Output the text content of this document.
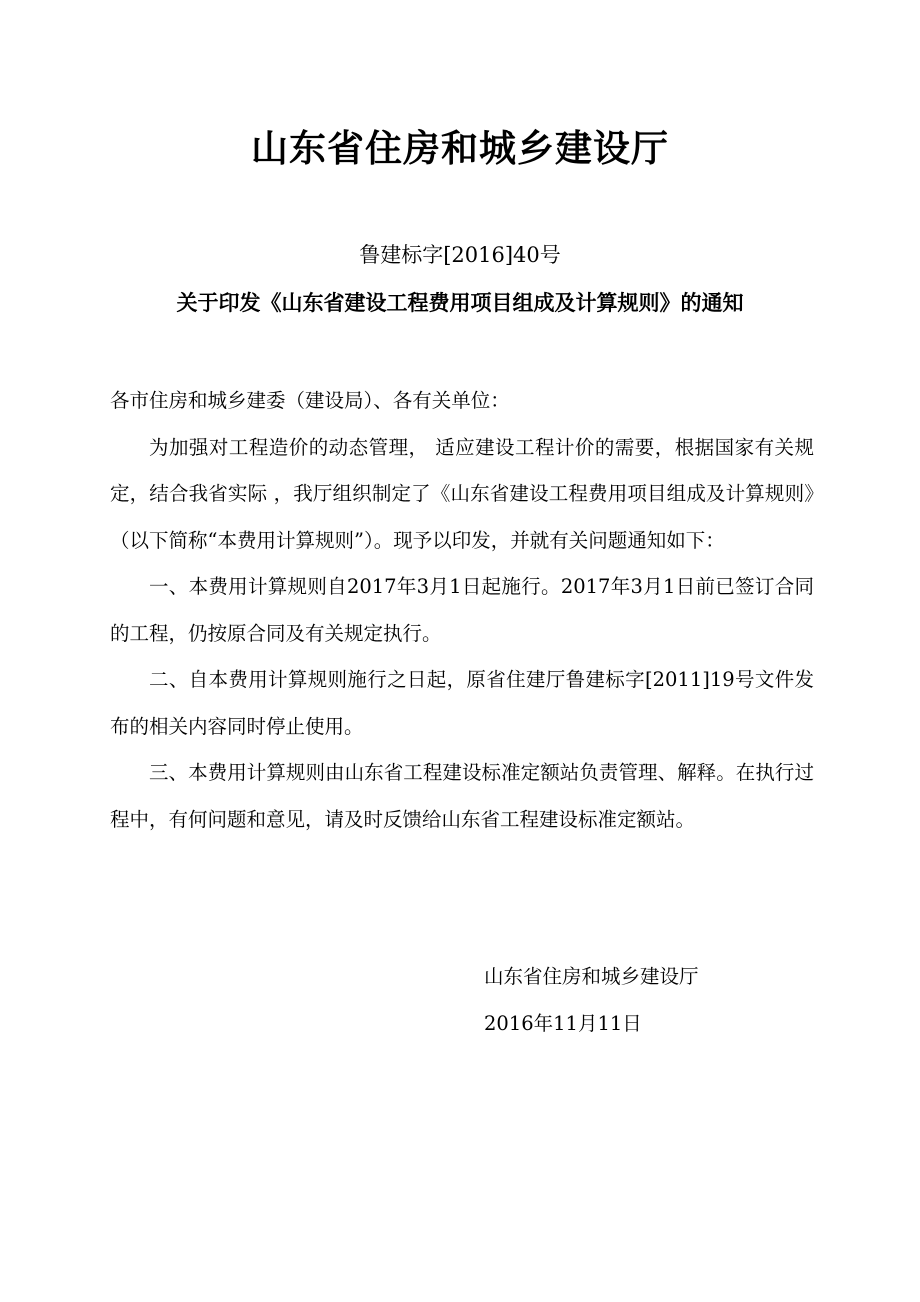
山东省住房和城乡建设厅
鲁建标字[2016]40号
关于印发《山东省建设工程费用项目组成及计算规则》的通知

各市住房和城乡建委（建设局）、各有关单位：

为加强对工程造价的动态管理， 适应建设工程计价的需要，根据国家有关规定，结合我省实际 ，我厅组织制定了《山东省建设工程费用项目组成及计算规则》（以下简称“本费用计算规则”）。现予以印发，并就有关问题通知如下：

一、本费用计算规则自2017年3月1日起施行。2017年3月1日前已签订合同的工程，仍按原合同及有关规定执行。

二、自本费用计算规则施行之日起，原省住建厅鲁建标字[2011]19号文件发布的相关内容同时停止使用。

三、本费用计算规则由山东省工程建设标准定额站负责管理、解释。在执行过程中，有何问题和意见，请及时反馈给山东省工程建设标准定额站。

山东省住房和城乡建设厅
2016年11月11日
